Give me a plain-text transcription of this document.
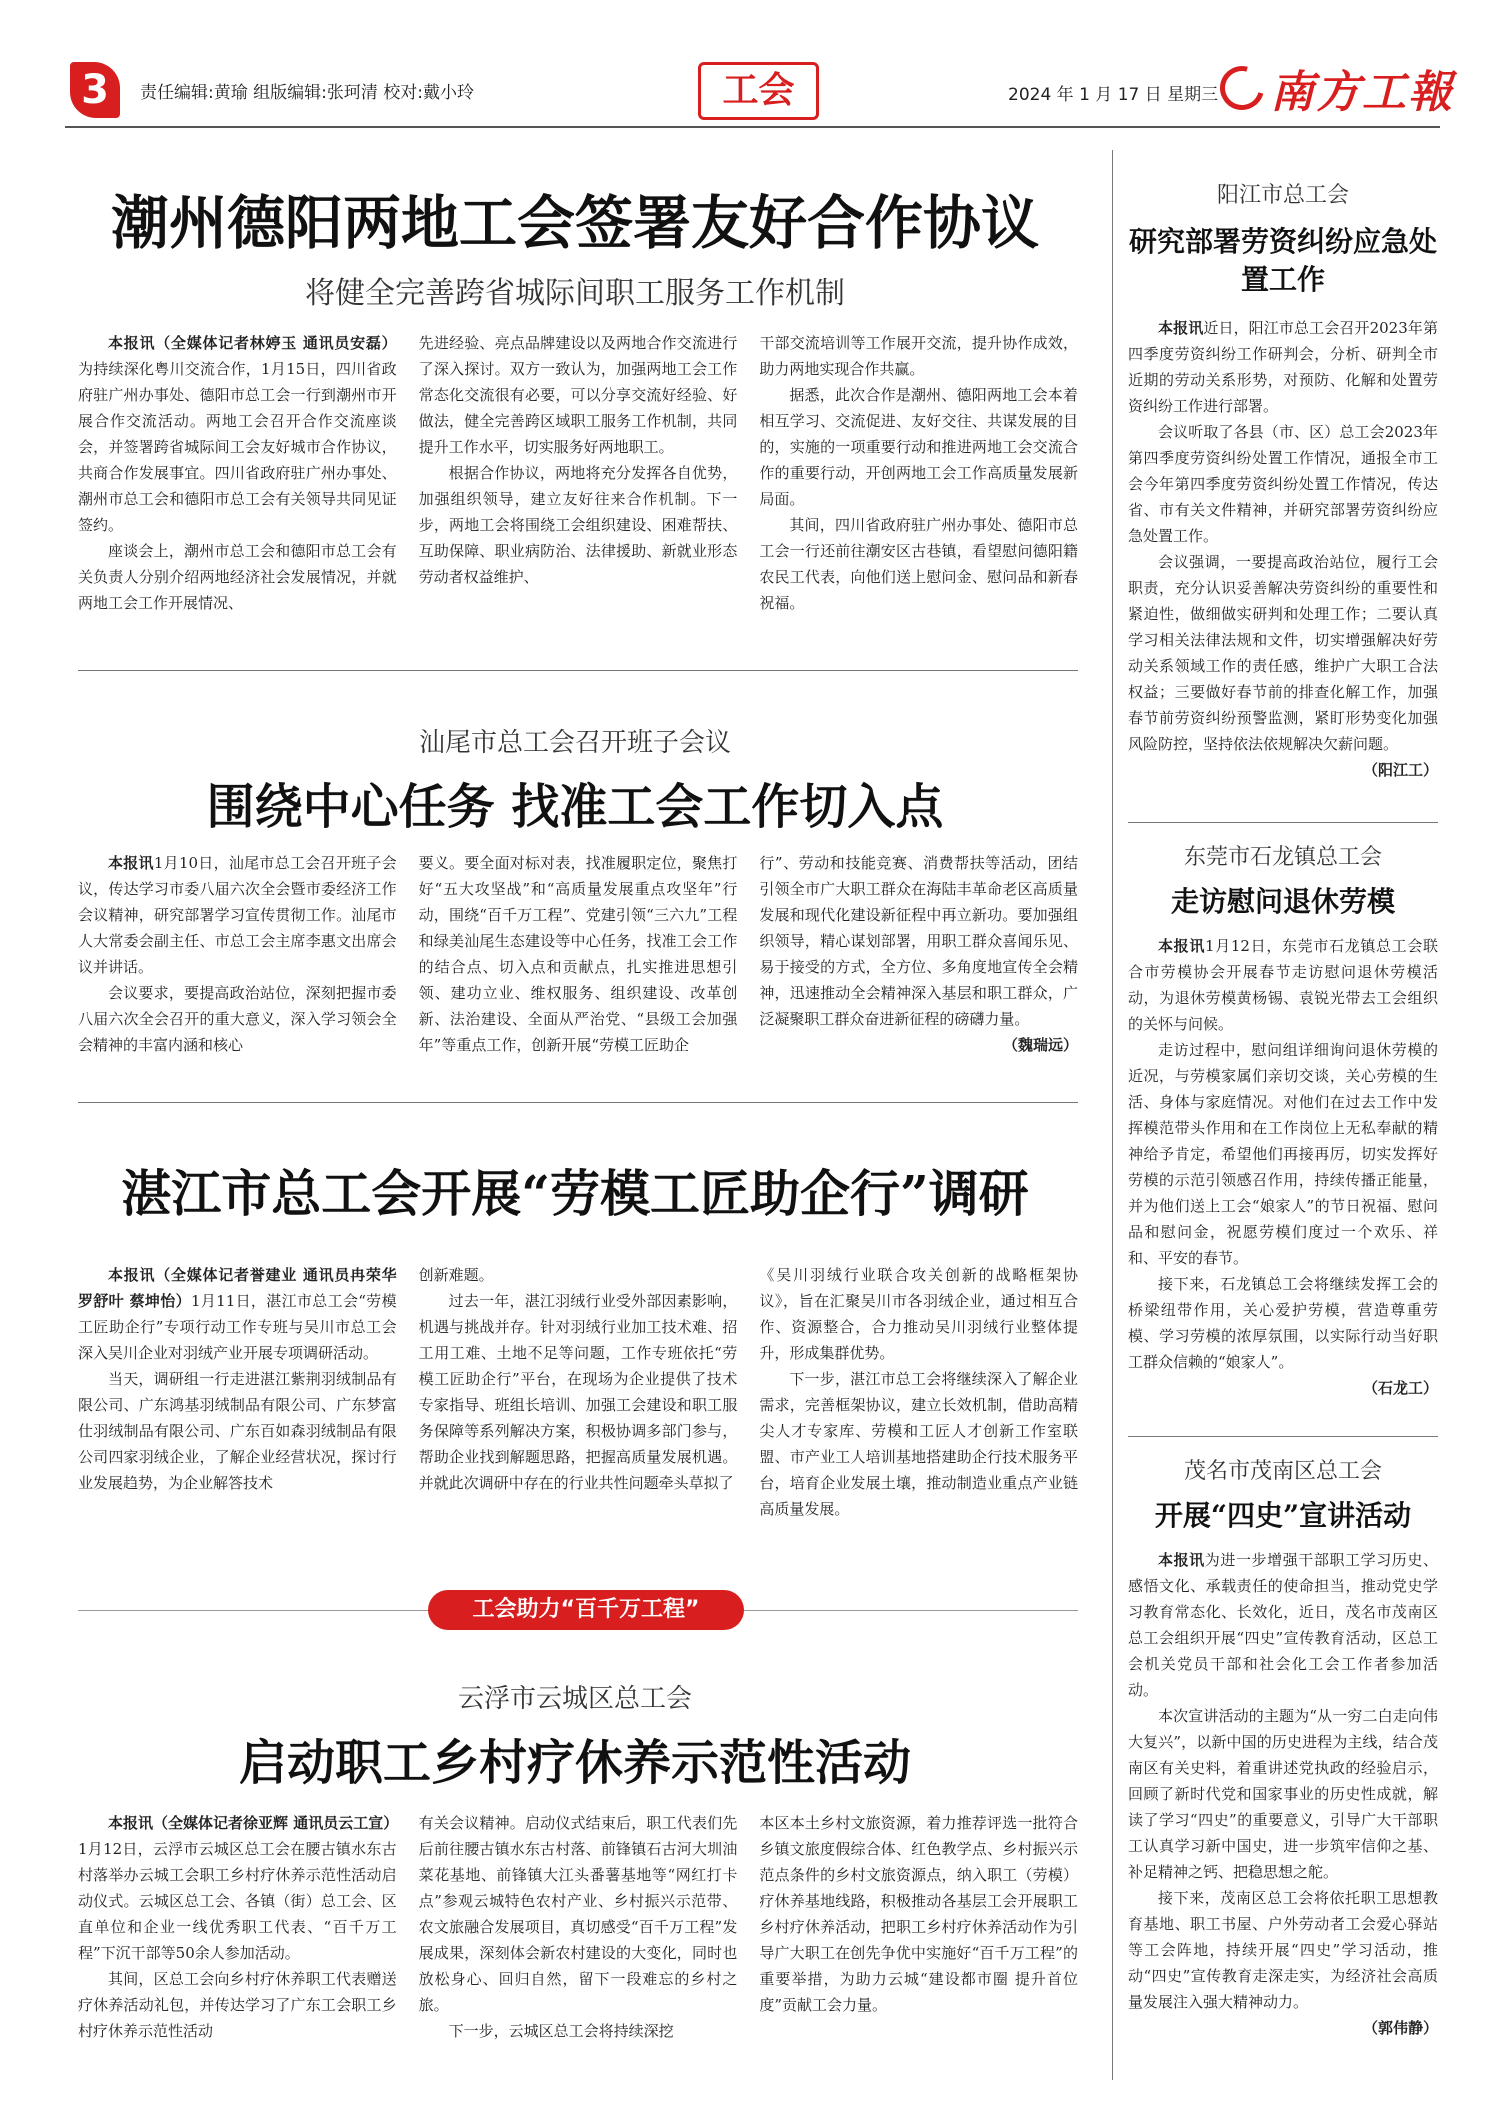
3	责任编辑:黄瑜 组版编辑:张珂清 校对:戴小玲	工会	2024 年 1 月 17 日 星期三 南方工報
潮州德阳两地工会签署友好合作协议
将健全完善跨省城际间职工服务工作机制

本报讯（全媒体记者林婷玉 通讯员安磊）为持续深化粤川交流合作，1月15日，四川省政府驻广州办事处、德阳市总工会一行到潮州市开展合作交流活动。两地工会召开合作交流座谈会，并签署跨省城际间工会友好城市合作协议，共商合作发展事宜。四川省政府驻广州办事处、潮州市总工会和德阳市总工会有关领导共同见证签约。

座谈会上，潮州市总工会和德阳市总工会有关负责人分别介绍两地经济社会发展情况，并就两地工会工作开展情况、

先进经验、亮点品牌建设以及两地合作交流进行了深入探讨。双方一致认为，加强两地工会工作常态化交流很有必要，可以分享交流好经验、好做法，健全完善跨区域职工服务工作机制，共同提升工作水平，切实服务好两地职工。

根据合作协议，两地将充分发挥各自优势，加强组织领导，建立友好往来合作机制。下一步，两地工会将围绕工会组织建设、困难帮扶、互助保障、职业病防治、法律援助、新就业形态劳动者权益维护、

干部交流培训等工作展开交流，提升协作成效，助力两地实现合作共赢。

据悉，此次合作是潮州、德阳两地工会本着相互学习、交流促进、友好交往、共谋发展的目的，实施的一项重要行动和推进两地工会交流合作的重要行动，开创两地工会工作高质量发展新局面。

其间，四川省政府驻广州办事处、德阳市总工会一行还前往潮安区古巷镇，看望慰问德阳籍农民工代表，向他们送上慰问金、慰问品和新春祝福。

汕尾市总工会召开班子会议
围绕中心任务 找准工会工作切入点

本报讯1月10日，汕尾市总工会召开班子会议，传达学习市委八届六次全会暨市委经济工作会议精神，研究部署学习宣传贯彻工作。汕尾市人大常委会副主任、市总工会主席李惠文出席会议并讲话。

会议要求，要提高政治站位，深刻把握市委八届六次全会召开的重大意义，深入学习领会全会精神的丰富内涵和核心

要义。要全面对标对表，找准履职定位，聚焦打好“五大攻坚战”和“高质量发展重点攻坚年”行动，围绕“百千万工程”、党建引领“三六九”工程和绿美汕尾生态建设等中心任务，找准工会工作的结合点、切入点和贡献点，扎实推进思想引领、建功立业、维权服务、组织建设、改革创新、法治建设、全面从严治党、“县级工会加强年”等重点工作，创新开展“劳模工匠助企

行”、劳动和技能竞赛、消费帮扶等活动，团结引领全市广大职工群众在海陆丰革命老区高质量发展和现代化建设新征程中再立新功。要加强组织领导，精心谋划部署，用职工群众喜闻乐见、易于接受的方式，全方位、多角度地宣传全会精神，迅速推动全会精神深入基层和职工群众，广泛凝聚职工群众奋进新征程的磅礴力量。

（魏瑞远）

湛江市总工会开展“劳模工匠助企行”调研

本报讯（全媒体记者誉建业 通讯员冉荣华 罗舒叶 蔡坤怡）1月11日，湛江市总工会“劳模工匠助企行”专项行动工作专班与吴川市总工会深入吴川企业对羽绒产业开展专项调研活动。

当天，调研组一行走进湛江紫荆羽绒制品有限公司、广东鸿基羽绒制品有限公司、广东梦富仕羽绒制品有限公司、广东百如森羽绒制品有限公司四家羽绒企业，了解企业经营状况，探讨行业发展趋势，为企业解答技术

创新难题。

过去一年，湛江羽绒行业受外部因素影响，机遇与挑战并存。针对羽绒行业加工技术难、招工用工难、土地不足等问题，工作专班依托“劳模工匠助企行”平台，在现场为企业提供了技术专家指导、班组长培训、加强工会建设和职工服务保障等系列解决方案，积极协调多部门参与，帮助企业找到解题思路，把握高质量发展机遇。并就此次调研中存在的行业共性问题牵头草拟了

《吴川羽绒行业联合攻关创新的战略框架协议》，旨在汇聚吴川市各羽绒企业，通过相互合作、资源整合，合力推动吴川羽绒行业整体提升，形成集群优势。

下一步，湛江市总工会将继续深入了解企业需求，完善框架协议，建立长效机制，借助高精尖人才专家库、劳模和工匠人才创新工作室联盟、市产业工人培训基地搭建助企行技术服务平台，培育企业发展土壤，推动制造业重点产业链高质量发展。

工会助力“百千万工程”
云浮市云城区总工会
启动职工乡村疗休养示范性活动

本报讯（全媒体记者徐亚辉 通讯员云工宣）1月12日，云浮市云城区总工会在腰古镇水东古村落举办云城工会职工乡村疗休养示范性活动启动仪式。云城区总工会、各镇（街）总工会、区直单位和企业一线优秀职工代表、“百千万工程”下沉干部等50余人参加活动。

其间，区总工会向乡村疗休养职工代表赠送疗休养活动礼包，并传达学习了广东工会职工乡村疗休养示范性活动

有关会议精神。启动仪式结束后，职工代表们先后前往腰古镇水东古村落、前锋镇石古河大圳油菜花基地、前锋镇大江头番薯基地等“网红打卡点”参观云城特色农村产业、乡村振兴示范带、农文旅融合发展项目，真切感受“百千万工程”发展成果，深刻体会新农村建设的大变化，同时也放松身心、回归自然，留下一段难忘的乡村之旅。

下一步，云城区总工会将持续深挖

本区本土乡村文旅资源，着力推荐评选一批符合乡镇文旅度假综合体、红色教学点、乡村振兴示范点条件的乡村文旅资源点，纳入职工（劳模）疗休养基地线路，积极推动各基层工会开展职工乡村疗休养活动，把职工乡村疗休养活动作为引导广大职工在创先争优中实施好“百千万工程”的重要举措，为助力云城“建设都市圈 提升首位度”贡献工会力量。

阳江市总工会
研究部署劳资纠纷应急处置工作

本报讯近日，阳江市总工会召开2023年第四季度劳资纠纷工作研判会，分析、研判全市近期的劳动关系形势，对预防、化解和处置劳资纠纷工作进行部署。

会议听取了各县（市、区）总工会2023年第四季度劳资纠纷处置工作情况，通报全市工会今年第四季度劳资纠纷处置工作情况，传达省、市有关文件精神，并研究部署劳资纠纷应急处置工作。

会议强调，一要提高政治站位，履行工会职责，充分认识妥善解决劳资纠纷的重要性和紧迫性，做细做实研判和处理工作；二要认真学习相关法律法规和文件，切实增强解决好劳动关系领域工作的责任感，维护广大职工合法权益；三要做好春节前的排查化解工作，加强春节前劳资纠纷预警监测，紧盯形势变化加强风险防控，坚持依法依规解决欠薪问题。

（阳江工）

东莞市石龙镇总工会
走访慰问退休劳模

本报讯1月12日，东莞市石龙镇总工会联合市劳模协会开展春节走访慰问退休劳模活动，为退休劳模黄杨锡、袁锐光带去工会组织的关怀与问候。

走访过程中，慰问组详细询问退休劳模的近况，与劳模家属们亲切交谈，关心劳模的生活、身体与家庭情况。对他们在过去工作中发挥模范带头作用和在工作岗位上无私奉献的精神给予肯定，希望他们再接再厉，切实发挥好劳模的示范引领感召作用，持续传播正能量，并为他们送上工会“娘家人”的节日祝福、慰问品和慰问金，祝愿劳模们度过一个欢乐、祥和、平安的春节。

接下来，石龙镇总工会将继续发挥工会的桥梁纽带作用，关心爱护劳模，营造尊重劳模、学习劳模的浓厚氛围，以实际行动当好职工群众信赖的“娘家人”。

（石龙工）

茂名市茂南区总工会
开展“四史”宣讲活动

本报讯为进一步增强干部职工学习历史、感悟文化、承载责任的使命担当，推动党史学习教育常态化、长效化，近日，茂名市茂南区总工会组织开展“四史”宣传教育活动，区总工会机关党员干部和社会化工会工作者参加活动。

本次宣讲活动的主题为“从一穷二白走向伟大复兴”，以新中国的历史进程为主线，结合茂南区有关史料，着重讲述党执政的经验启示，回顾了新时代党和国家事业的历史性成就，解读了学习“四史”的重要意义，引导广大干部职工认真学习新中国史，进一步筑牢信仰之基、补足精神之钙、把稳思想之舵。

接下来，茂南区总工会将依托职工思想教育基地、职工书屋、户外劳动者工会爱心驿站等工会阵地，持续开展“四史”学习活动，推动“四史”宣传教育走深走实，为经济社会高质量发展注入强大精神动力。

（郭伟静）
